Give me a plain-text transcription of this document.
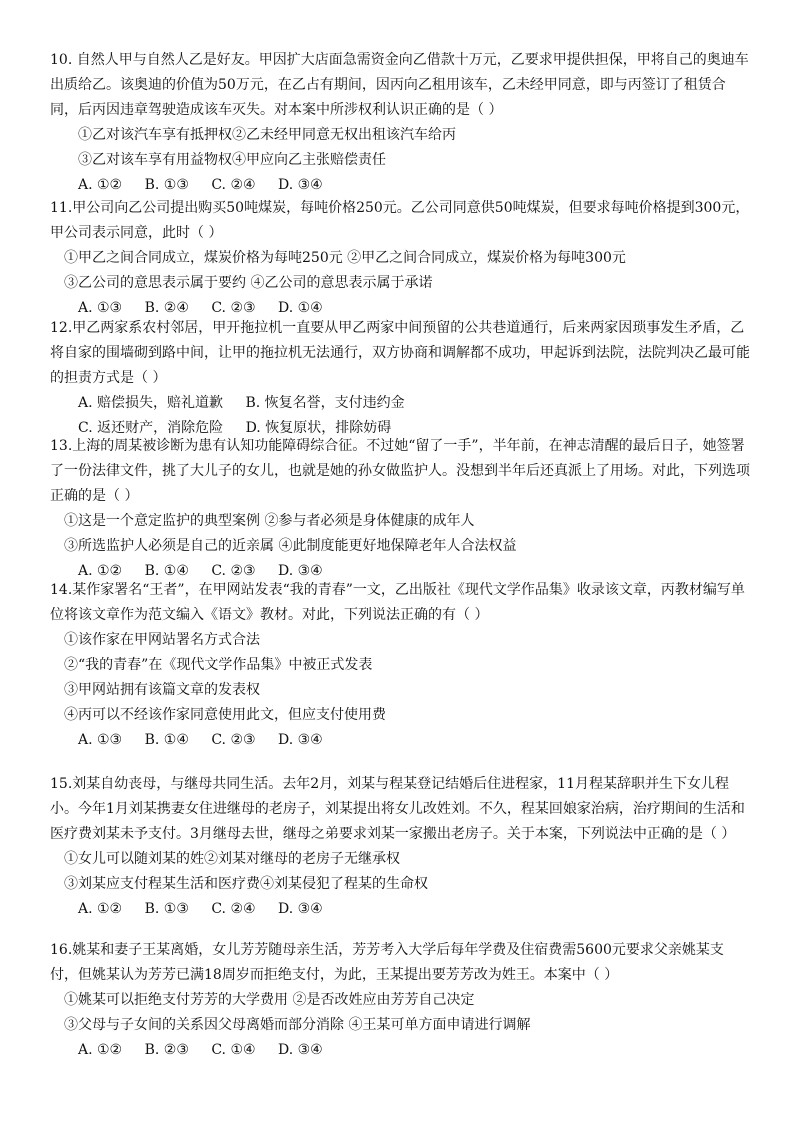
10. 自然人甲与自然人乙是好友。甲因扩大店面急需资金向乙借款十万元，乙要求甲提供担保，甲将自己的奥迪车出质给乙。该奥迪的价值为50万元，在乙占有期间，因丙向乙租用该车，乙未经甲同意，即与丙签订了租赁合同，后丙因违章驾驶造成该车灭失。对本案中所涉权利认识正确的是（ ）
①乙对该汽车享有抵押权②乙未经甲同意无权出租该汽车给丙
③乙对该车享有用益物权④甲应向乙主张赔偿责任
A. ①② B. ①③ C. ②④ D. ③④
11.甲公司向乙公司提出购买50吨煤炭，每吨价格250元。乙公司同意供50吨煤炭，但要求每吨价格提到300元，甲公司表示同意，此时（ ）
①甲乙之间合同成立，煤炭价格为每吨250元 ②甲乙之间合同成立，煤炭价格为每吨300元
③乙公司的意思表示属于要约 ④乙公司的意思表示属于承诺
A. ①③ B. ②④ C. ②③ D. ①④
12.甲乙两家系农村邻居，甲开拖拉机一直要从甲乙两家中间预留的公共巷道通行，后来两家因琐事发生矛盾，乙将自家的围墙砌到路中间，让甲的拖拉机无法通行，双方协商和调解都不成功，甲起诉到法院，法院判决乙最可能的担责方式是（ ）
A. 赔偿损失，赔礼道歉 B. 恢复名誉，支付违约金
C. 返还财产，消除危险 D. 恢复原状，排除妨碍
13.上海的周某被诊断为患有认知功能障碍综合征。不过她“留了一手”，半年前，在神志清醒的最后日子，她签署了一份法律文件，挑了大儿子的女儿，也就是她的孙女做监护人。没想到半年后还真派上了用场。对此，下列选项正确的是（ ）
①这是一个意定监护的典型案例 ②参与者必须是身体健康的成年人
③所选监护人必须是自己的近亲属 ④此制度能更好地保障老年人合法权益
A. ①② B. ①④ C. ②③ D. ③④
14.某作家署名“王者”，在甲网站发表“我的青春”一文，乙出版社《现代文学作品集》收录该文章，丙教材编写单位将该文章作为范文编入《语文》教材。对此，下列说法正确的有（ ）
①该作家在甲网站署名方式合法
②“我的青春”在《现代文学作品集》中被正式发表
③甲网站拥有该篇文章的发表权
④丙可以不经该作家同意使用此文，但应支付使用费
A. ①③ B. ①④ C. ②③ D. ③④
15.刘某自幼丧母，与继母共同生活。去年2月，刘某与程某登记结婚后住进程家，11月程某辞职并生下女儿程小。今年1月刘某携妻女住进继母的老房子，刘某提出将女儿改姓刘。不久，程某回娘家治病，治疗期间的生活和医疗费刘某未予支付。3月继母去世，继母之弟要求刘某一家搬出老房子。关于本案，下列说法中正确的是（ ）
①女儿可以随刘某的姓②刘某对继母的老房子无继承权
③刘某应支付程某生活和医疗费④刘某侵犯了程某的生命权
A. ①② B. ①③ C. ②④ D. ③④
16.姚某和妻子王某离婚，女儿芳芳随母亲生活，芳芳考入大学后每年学费及住宿费需5600元要求父亲姚某支付，但姚某认为芳芳已满18周岁而拒绝支付，为此，王某提出要芳芳改为姓王。本案中（ ）
①姚某可以拒绝支付芳芳的大学费用 ②是否改姓应由芳芳自己决定
③父母与子女间的关系因父母离婚而部分消除 ④王某可单方面申请进行调解
A. ①② B. ②③ C. ①④ D. ③④
